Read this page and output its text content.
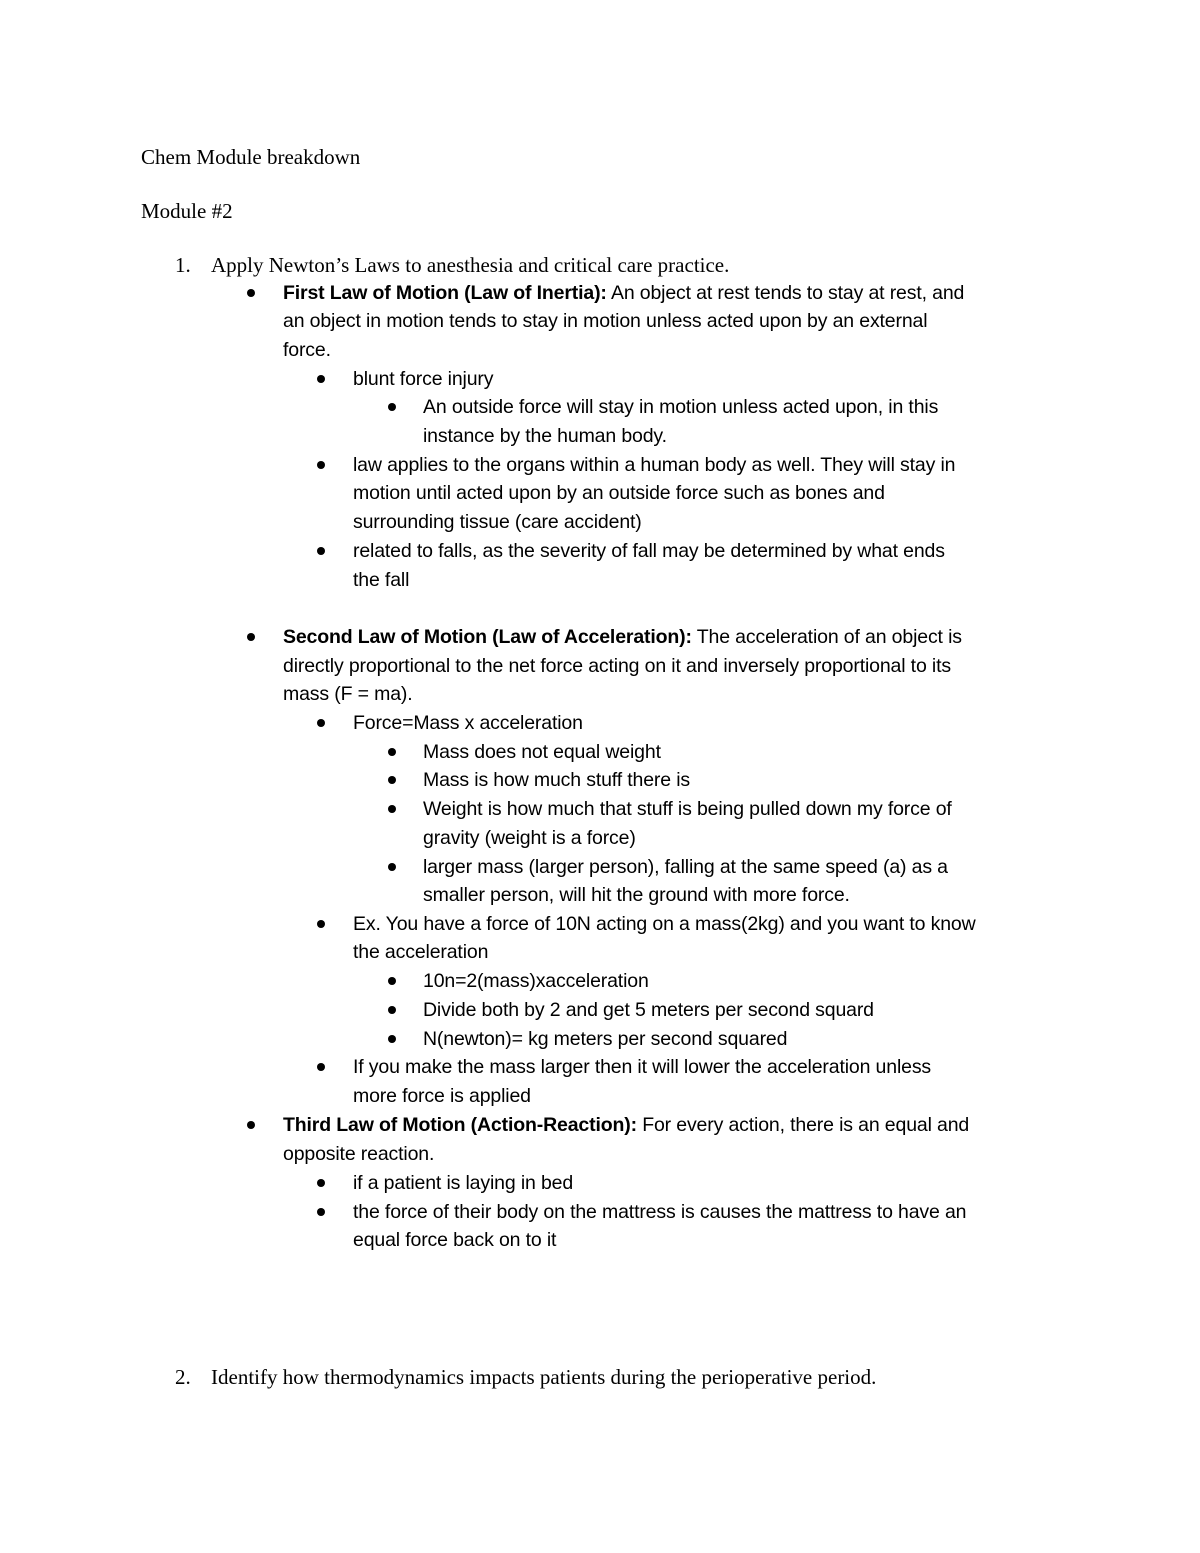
Chem Module breakdown
Module #2
1. Apply Newton’s Laws to anesthesia and critical care practice.
First Law of Motion (Law of Inertia): An object at rest tends to stay at rest, and
an object in motion tends to stay in motion unless acted upon by an external
force.
blunt force injury
An outside force will stay in motion unless acted upon, in this
instance by the human body.
law applies to the organs within a human body as well. They will stay in
motion until acted upon by an outside force such as bones and
surrounding tissue (care accident)
related to falls, as the severity of fall may be determined by what ends
the fall
Second Law of Motion (Law of Acceleration): The acceleration of an object is
directly proportional to the net force acting on it and inversely proportional to its
mass (F = ma).
Force=Mass x acceleration
Mass does not equal weight
Mass is how much stuff there is
Weight is how much that stuff is being pulled down my force of
gravity (weight is a force)
larger mass (larger person), falling at the same speed (a) as a
smaller person, will hit the ground with more force.
Ex. You have a force of 10N acting on a mass(2kg) and you want to know
the acceleration
10n=2(mass)xacceleration
Divide both by 2 and get 5 meters per second squard
N(newton)= kg meters per second squared
If you make the mass larger then it will lower the acceleration unless
more force is applied
Third Law of Motion (Action-Reaction): For every action, there is an equal and
opposite reaction.
if a patient is laying in bed
the force of their body on the mattress is causes the mattress to have an
equal force back on to it
2. Identify how thermodynamics impacts patients during the perioperative period.
